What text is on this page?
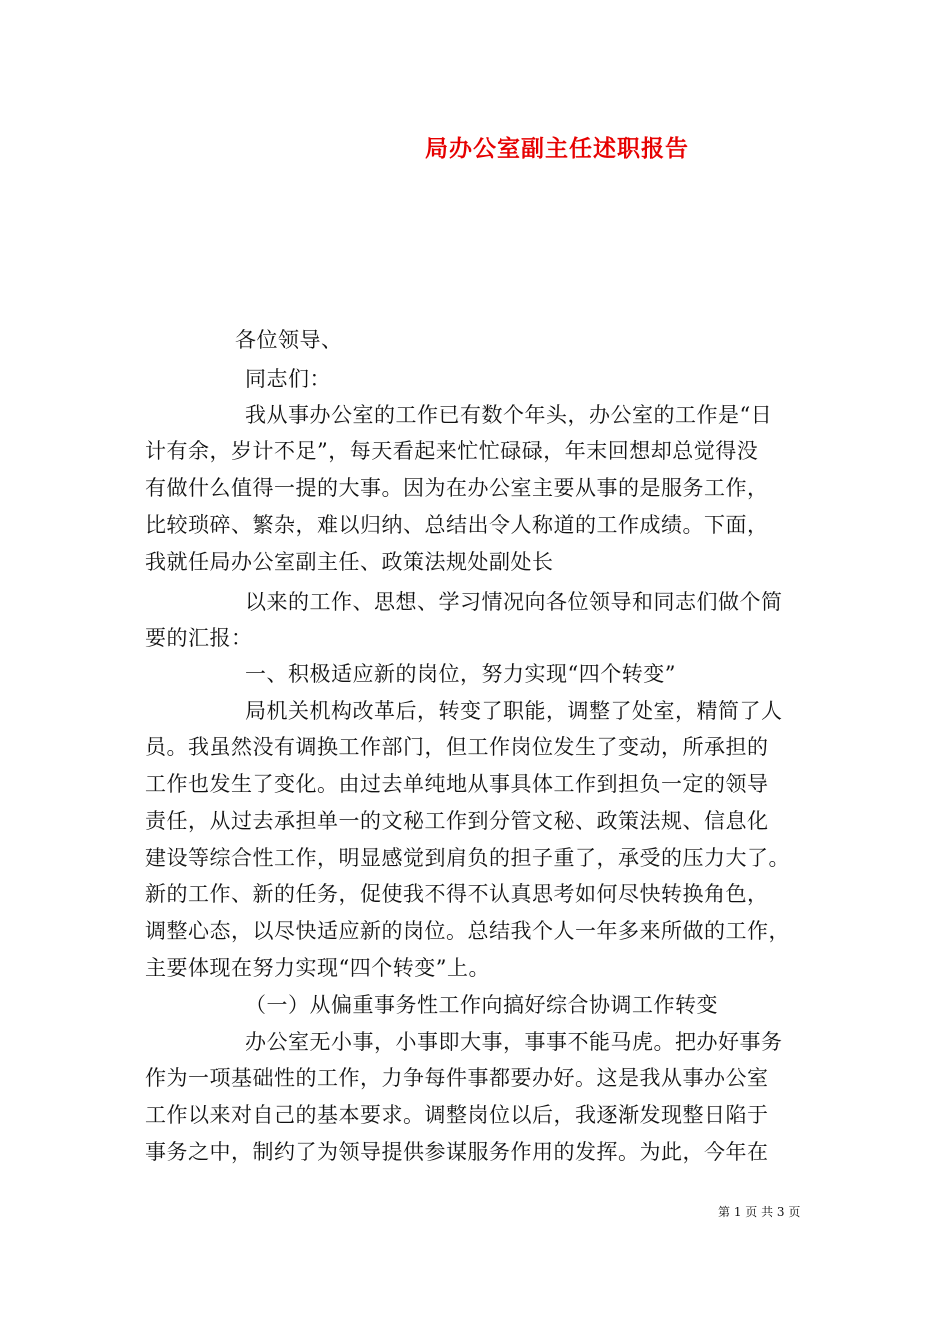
局办公室副主任述职报告
各位领导、
同志们：
我从事办公室的工作已有数个年头，办公室的工作是“日
计有余，岁计不足”，每天看起来忙忙碌碌，年末回想却总觉得没
有做什么值得一提的大事。因为在办公室主要从事的是服务工作，
比较琐碎、繁杂，难以归纳、总结出令人称道的工作成绩。下面，
我就任局办公室副主任、政策法规处副处长
以来的工作、思想、学习情况向各位领导和同志们做个简
要的汇报：
一、积极适应新的岗位，努力实现“四个转变”
局机关机构改革后，转变了职能，调整了处室，精简了人
员。我虽然没有调换工作部门，但工作岗位发生了变动，所承担的
工作也发生了变化。由过去单纯地从事具体工作到担负一定的领导
责任，从过去承担单一的文秘工作到分管文秘、政策法规、信息化
建设等综合性工作，明显感觉到肩负的担子重了，承受的压力大了。
新的工作、新的任务，促使我不得不认真思考如何尽快转换角色，
调整心态，以尽快适应新的岗位。总结我个人一年多来所做的工作，
主要体现在努力实现“四个转变”上。
（一）从偏重事务性工作向搞好综合协调工作转变
办公室无小事，小事即大事，事事不能马虎。把办好事务
作为一项基础性的工作，力争每件事都要办好。这是我从事办公室
工作以来对自己的基本要求。调整岗位以后，我逐渐发现整日陷于
事务之中，制约了为领导提供参谋服务作用的发挥。为此，今年在
第 1 页 共 3 页
